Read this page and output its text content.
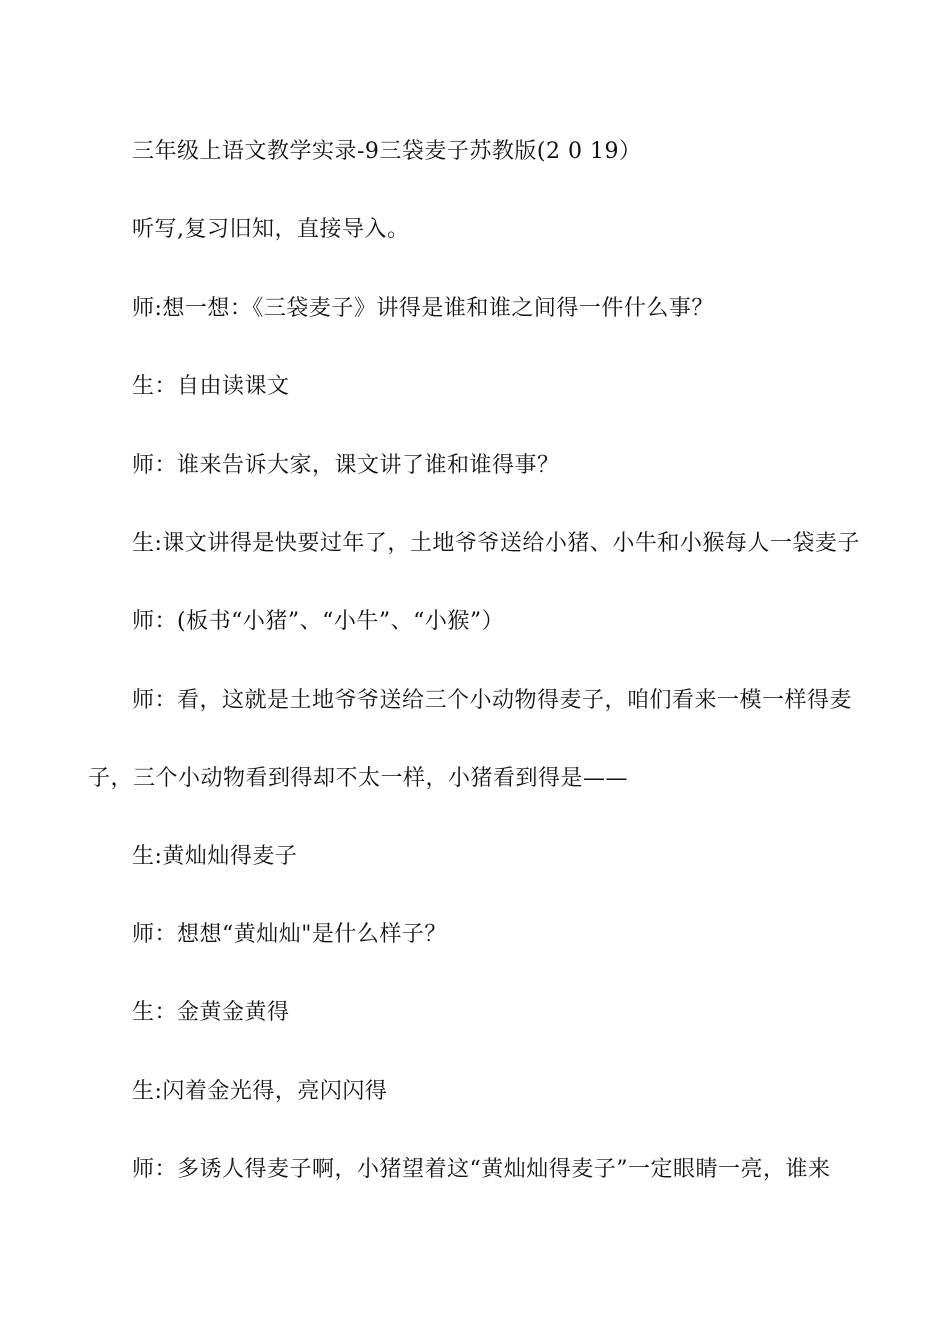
三年级上语文教学实录-9三袋麦子苏教版(2 0 19）
听写,复习旧知，直接导入。
师:想一想：《三袋麦子》讲得是谁和谁之间得一件什么事？
生：自由读课文
师：谁来告诉大家，课文讲了谁和谁得事？
生:课文讲得是快要过年了，土地爷爷送给小猪、小牛和小猴每人一袋麦子
师：(板书“小猪”、“小牛”、“小猴”）
师：看，这就是土地爷爷送给三个小动物得麦子，咱们看来一模一样得麦
子，三个小动物看到得却不太一样，小猪看到得是——
生:黄灿灿得麦子
师：想想“黄灿灿"是什么样子？
生：金黄金黄得
生:闪着金光得，亮闪闪得
师：多诱人得麦子啊，小猪望着这“黄灿灿得麦子”一定眼睛一亮，谁来
